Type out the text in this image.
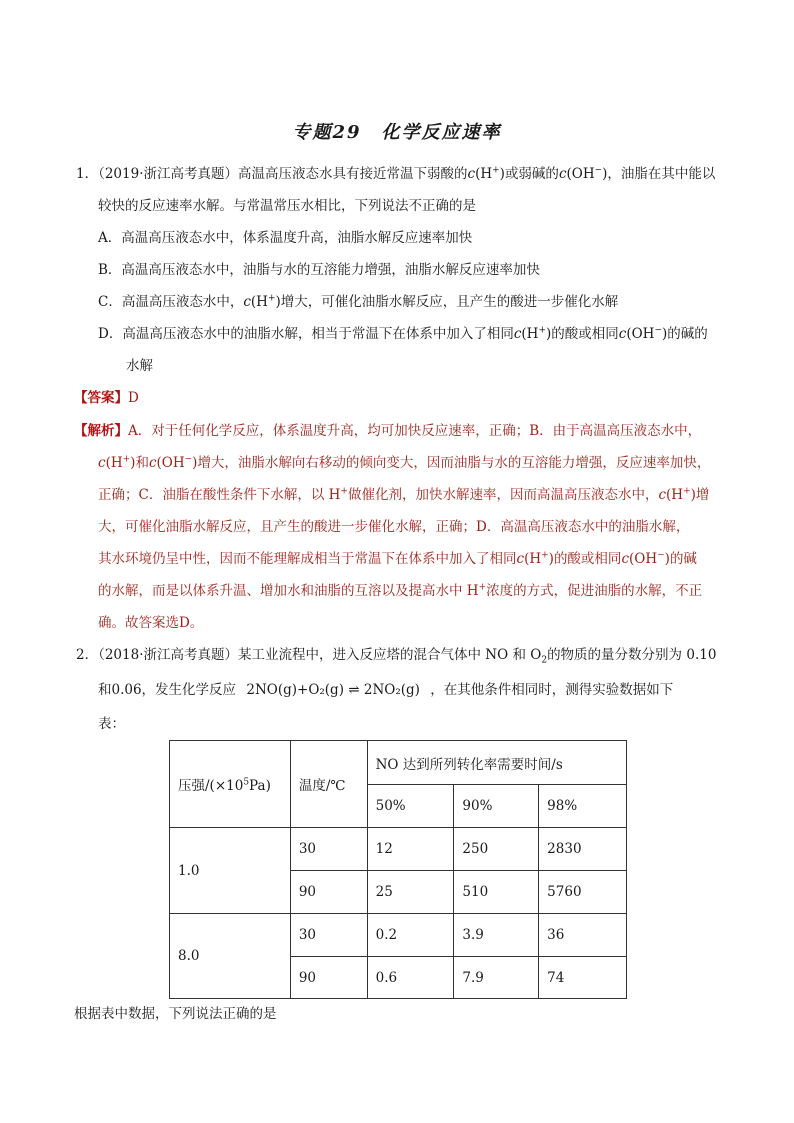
专题29　化学反应速率
1．（2019·浙江高考真题）高温高压液态水具有接近常温下弱酸的c(H+)或弱碱的c(OH−)，油脂在其中能以
较快的反应速率水解。与常温常压水相比，下列说法不正确的是
A．高温高压液态水中，体系温度升高，油脂水解反应速率加快
B．高温高压液态水中，油脂与水的互溶能力增强，油脂水解反应速率加快
C．高温高压液态水中，c(H+)增大，可催化油脂水解反应，且产生的酸进一步催化水解
D．高温高压液态水中的油脂水解，相当于常温下在体系中加入了相同c(H+)的酸或相同c(OH−)的碱的
水解
【答案】D
【解析】A．对于任何化学反应，体系温度升高，均可加快反应速率，正确；B．由于高温高压液态水中，
c(H+)和c(OH−)增大，油脂水解向右移动的倾向变大，因而油脂与水的互溶能力增强，反应速率加快，
正确；C．油脂在酸性条件下水解，以 H+做催化剂，加快水解速率，因而高温高压液态水中，c(H+)增
大，可催化油脂水解反应，且产生的酸进一步催化水解，正确；D．高温高压液态水中的油脂水解，
其水环境仍呈中性，因而不能理解成相当于常温下在体系中加入了相同c(H+)的酸或相同c(OH−)的碱
的水解，而是以体系升温、增加水和油脂的互溶以及提高水中 H+浓度的方式，促进油脂的水解，不正
确。故答案选D。
2．（2018·浙江高考真题）某工业流程中，进入反应塔的混合气体中 NO 和 $O_2$的物质的量分数分别为 0.10
和0.06，发生化学反应 2NO(g)+O₂(g) ⇌ 2NO₂(g) ，在其他条件相同时，测得实验数据如下
表：
压强$/(\times 10^5Pa)$	温度/℃	NO 达到所列转化率需要时间/s		
		50%	90%	98%
1.0	30	12	250	2830
	90	25	510	5760
8.0	30	0.2	3.9	36
	90	0.6	7.9	74
根据表中数据，下列说法正确的是
